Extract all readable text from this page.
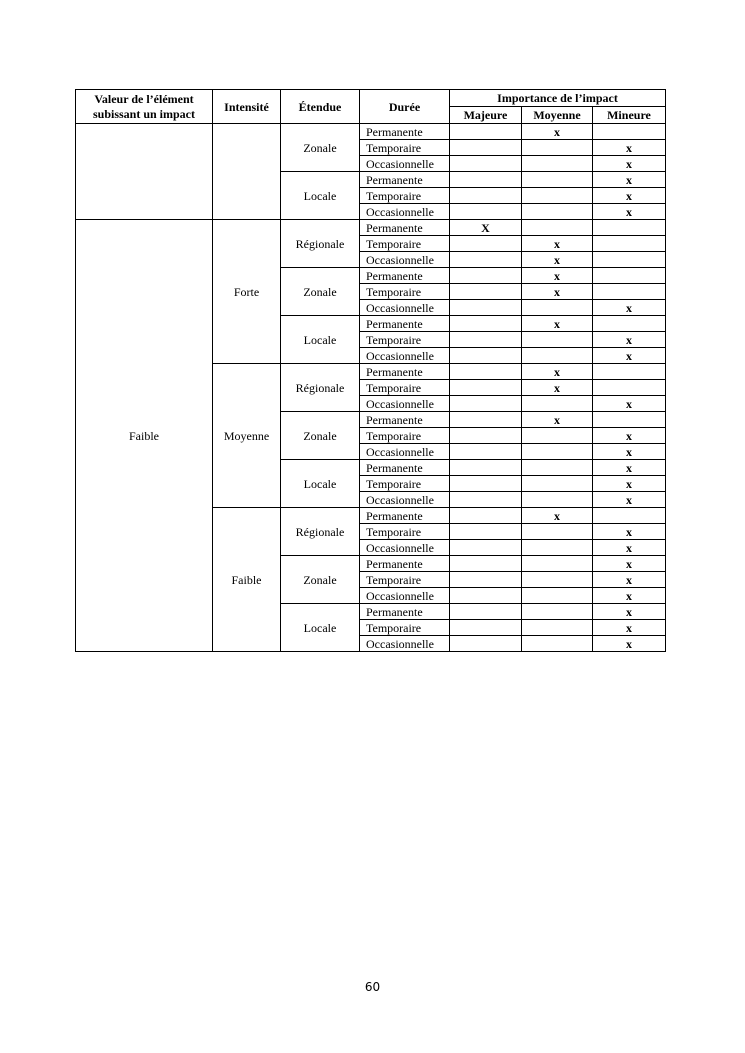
Valeur de l’élément subissant un impact	Intensité	Étendue	Durée	Importance de l’impact		
				Majeure	Moyenne	Mineure
		Zonale	Permanente		x	
			Temporaire			x
			Occasionnelle			x
		Locale	Permanente			x
			Temporaire			x
			Occasionnelle			x
Faible	Forte	Régionale	Permanente	X		
			Temporaire		x	
			Occasionnelle		x	
		Zonale	Permanente		x	
			Temporaire		x	
			Occasionnelle			x
		Locale	Permanente		x	
			Temporaire			x
			Occasionnelle			x
	Moyenne	Régionale	Permanente		x	
			Temporaire		x	
			Occasionnelle			x
		Zonale	Permanente		x	
			Temporaire			x
			Occasionnelle			x
		Locale	Permanente			x
			Temporaire			x
			Occasionnelle			x
	Faible	Régionale	Permanente		x	
			Temporaire			x
			Occasionnelle			x
		Zonale	Permanente			x
			Temporaire			x
			Occasionnelle			x
		Locale	Permanente			x
			Temporaire			x
			Occasionnelle			x
60
